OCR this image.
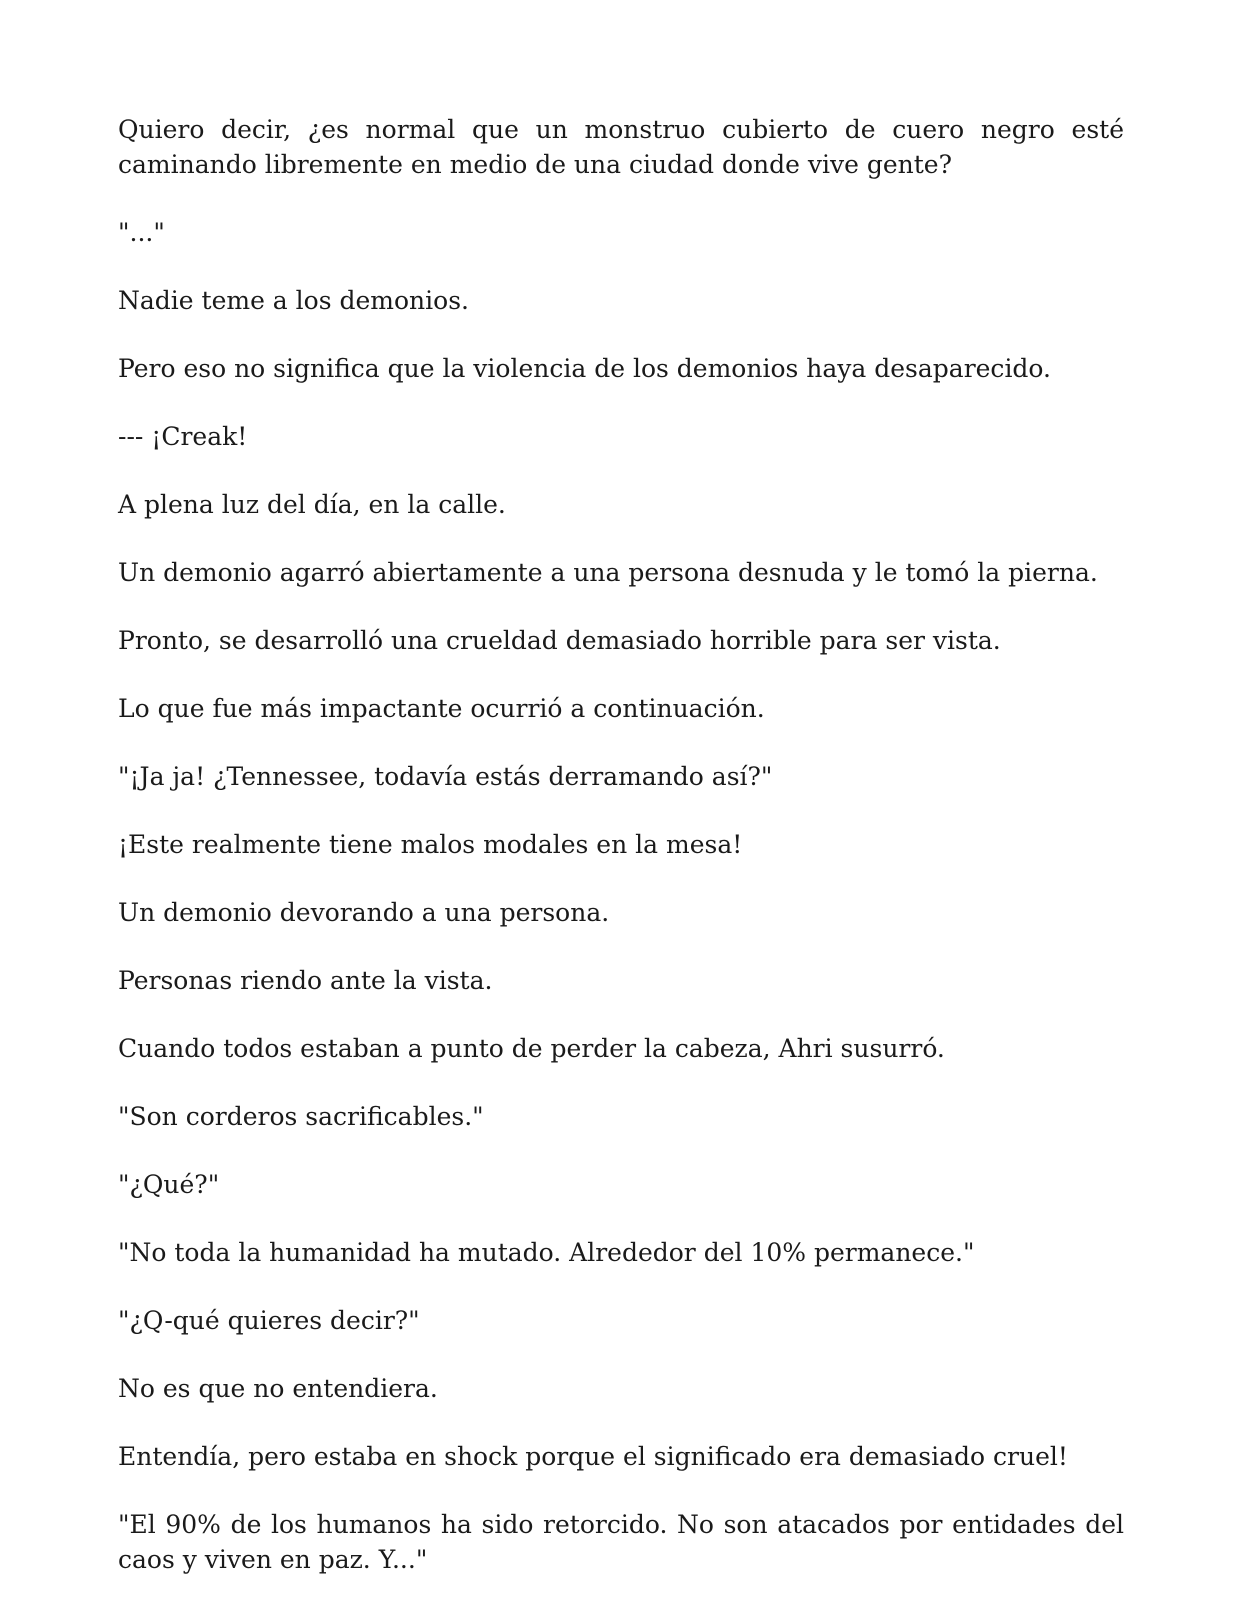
Quiero decir, ¿es normal que un monstruo cubierto de cuero negro esté caminando libremente en medio de una ciudad donde vive gente?

"..."

Nadie teme a los demonios.

Pero eso no significa que la violencia de los demonios haya desaparecido.

--- ¡Creak!

A plena luz del día, en la calle.

Un demonio agarró abiertamente a una persona desnuda y le tomó la pierna.

Pronto, se desarrolló una crueldad demasiado horrible para ser vista.

Lo que fue más impactante ocurrió a continuación.

"¡Ja ja! ¿Tennessee, todavía estás derramando así?"

¡Este realmente tiene malos modales en la mesa!

Un demonio devorando a una persona.

Personas riendo ante la vista.

Cuando todos estaban a punto de perder la cabeza, Ahri susurró.

"Son corderos sacrificables."

"¿Qué?"

"No toda la humanidad ha mutado. Alrededor del 10% permanece."

"¿Q-qué quieres decir?"

No es que no entendiera.

Entendía, pero estaba en shock porque el significado era demasiado cruel!

"El 90% de los humanos ha sido retorcido. No son atacados por entidades del caos y viven en paz. Y..."
